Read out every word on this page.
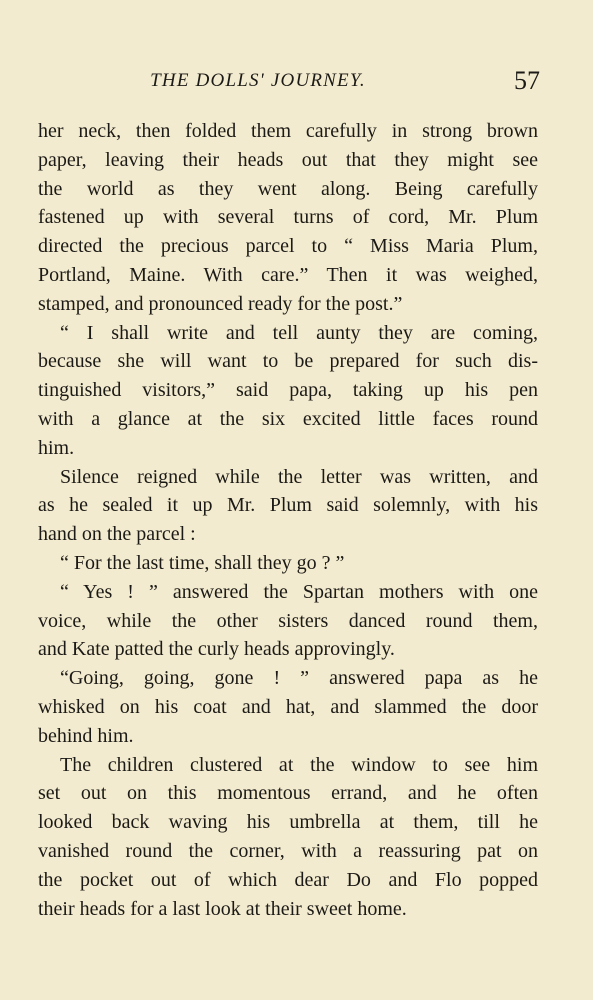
THE DOLLS' JOURNEY.	57
her neck, then folded them carefully in strong brown
paper, leaving their heads out that they might see
the world as they went along. Being carefully
fastened up with several turns of cord, Mr. Plum
directed the precious parcel to “ Miss Maria Plum,
Portland, Maine. With care.” Then it was weighed,
stamped, and pronounced ready for the post.”
“ I shall write and tell aunty they are coming,
because she will want to be prepared for such dis-
tinguished visitors,” said papa, taking up his pen
with a glance at the six excited little faces round
him.
Silence reigned while the letter was written, and
as he sealed it up Mr. Plum said solemnly, with his
hand on the parcel :
“ For the last time, shall they go ? ”
“ Yes ! ” answered the Spartan mothers with one
voice, while the other sisters danced round them,
and Kate patted the curly heads approvingly.
“Going, going, gone ! ” answered papa as he
whisked on his coat and hat, and slammed the door
behind him.
The children clustered at the window to see him
set out on this momentous errand, and he often
looked back waving his umbrella at them, till he
vanished round the corner, with a reassuring pat on
the pocket out of which dear Do and Flo popped
their heads for a last look at their sweet home.
